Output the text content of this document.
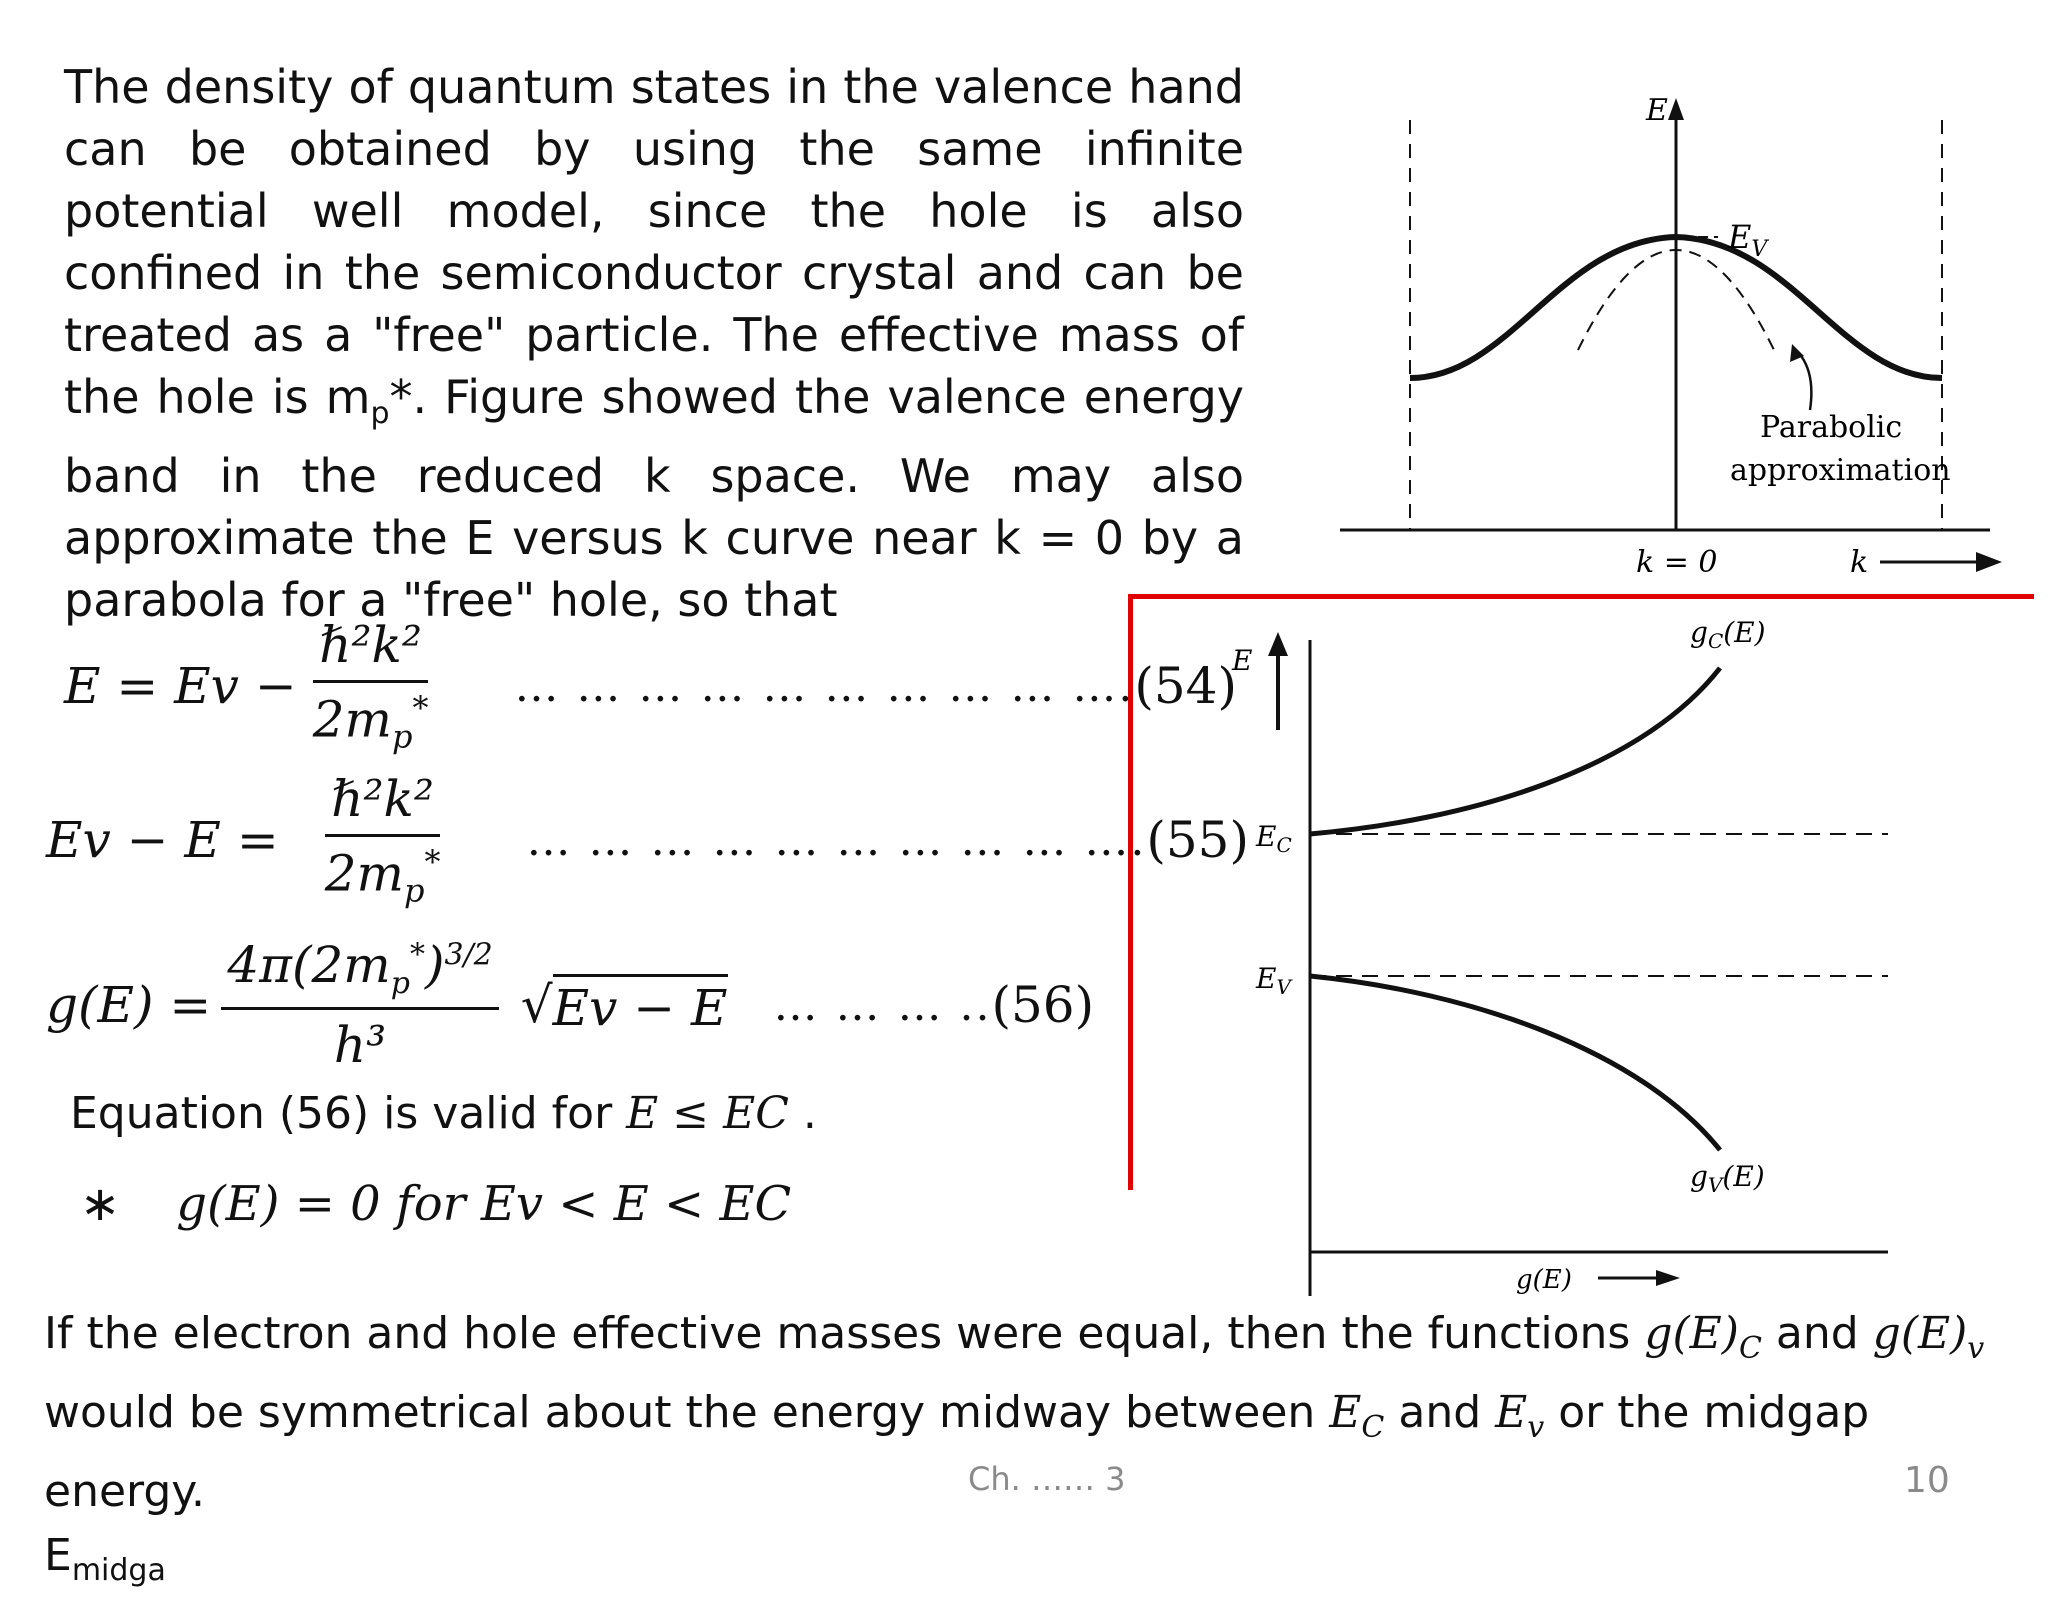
The density of quantum states in the valence hand can be obtained by using the same infinite potential well model, since the hole is also confined in the semiconductor crystal and can be treated as a "free" particle. The effective mass of the hole is $m_p*$. Figure showed the valence energy band in the reduced k space. We may also approximate the E versus k curve near k = 0 by a parabola for a "free" hole, so that
$E = Ev - \frac{\text{ℏ²k²}}{2m_p^*}$ … … … … … … … … … …. (54)
$Ev - E = \frac{\text{ℏ²k²}}{2m_p^*}$ … … … … … … … … … …. (55)
$g(E) = \frac{4\pi(2m_p^*)^{3/2}}{\text{h³}}$ √ Ev − E … … … .. (56)
Equation (56) is valid for E ≤ EC .
∗ g(E) = 0 for Ev < E < EC
E
$E_V$
Parabolic
approximation
k = 0	k
E
$E_C$
$E_V$
$g_C(E)$
$g_V(E)$
g(E)
If the electron and hole effective masses were equal, then the functions $g(E)_C$ and $g(E)_v$
would be symmetrical about the energy midway between $E_C$ and $E_v$ or the midgap energy.
$E_{midga}$
Ch. …… 3	10
